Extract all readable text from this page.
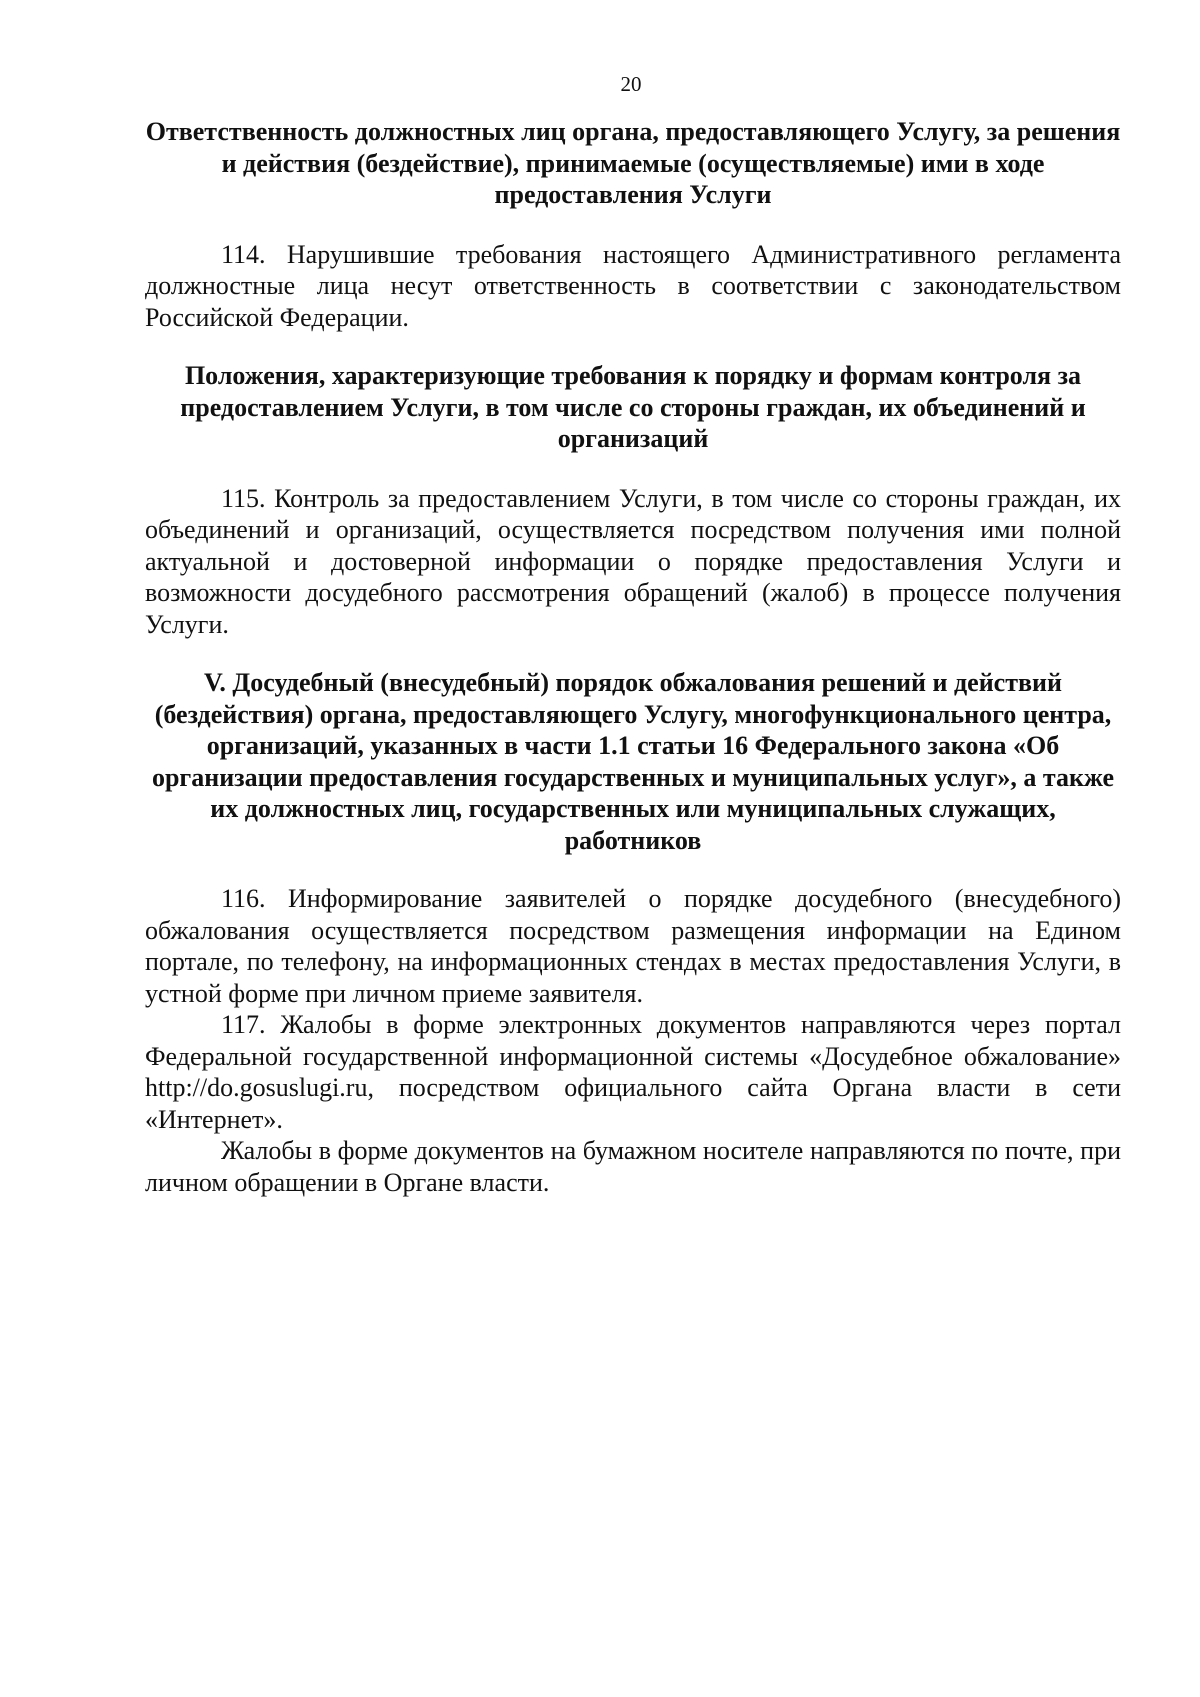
20
Ответственность должностных лиц органа, предоставляющего Услугу, за решения и действия (бездействие), принимаемые (осуществляемые) ими в ходе предоставления Услуги

114. Нарушившие требования настоящего Административного регламента должностные лица несут ответственность в соответствии с законодательством Российской Федерации.

Положения, характеризующие требования к порядку и формам контроля за предоставлением Услуги, в том числе со стороны граждан, их объединений и организаций

115. Контроль за предоставлением Услуги, в том числе со стороны граждан, их объединений и организаций, осуществляется посредством получения ими полной актуальной и достоверной информации о порядке предоставления Услуги и возможности досудебного рассмотрения обращений (жалоб) в процессе получения Услуги.

V. Досудебный (внесудебный) порядок обжалования решений и действий (бездействия) органа, предоставляющего Услугу, многофункционального центра, организаций, указанных в части 1.1 статьи 16 Федерального закона «Об организации предоставления государственных и муниципальных услуг», а также их должностных лиц, государственных или муниципальных служащих, работников

116. Информирование заявителей о порядке досудебного (внесудебного) обжалования осуществляется посредством размещения информации на Едином портале, по телефону, на информационных стендах в местах предоставления Услуги, в устной форме при личном приеме заявителя.

117. Жалобы в форме электронных документов направляются через портал Федеральной государственной информационной системы «Досудебное обжалование» http://do.gosuslugi.ru, посредством официального сайта Органа власти в сети «Интернет».

Жалобы в форме документов на бумажном носителе направляются по почте, при личном обращении в Органе власти.
